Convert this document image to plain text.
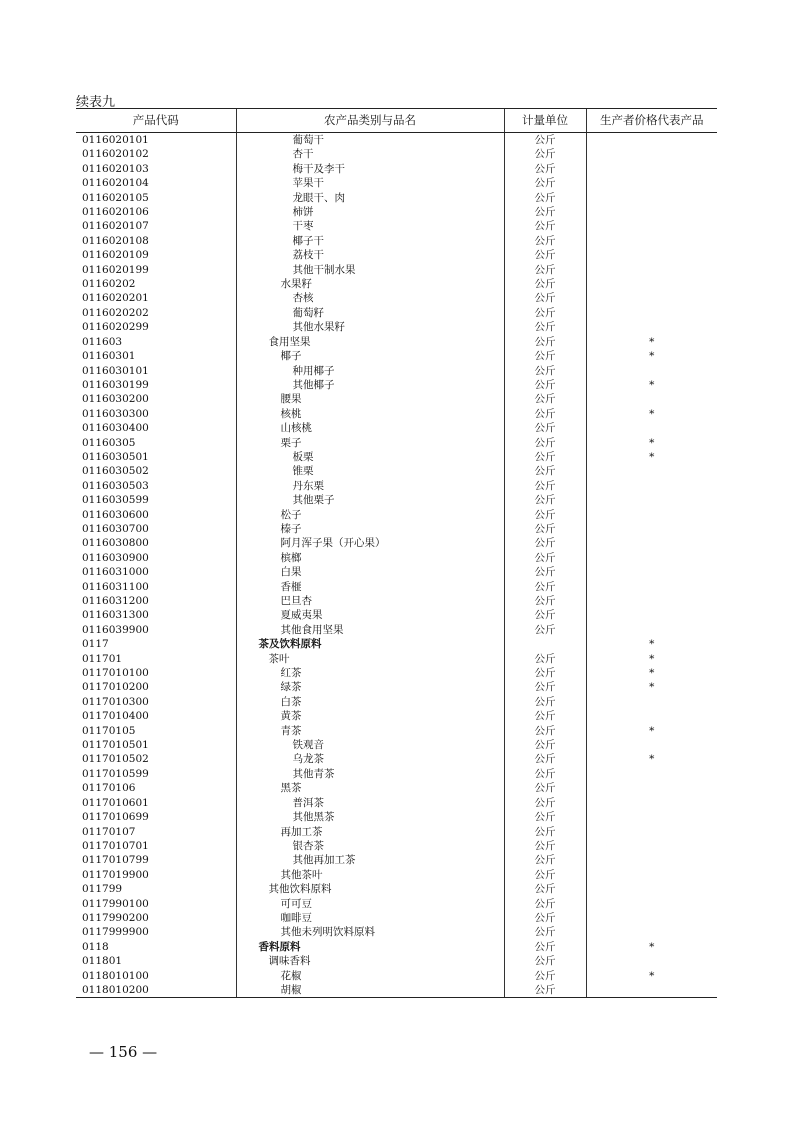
续表九
产品代码	农产品类别与品名	计量单位	生产者价格代表产品
0116020101	葡萄干	公斤	
0116020102	杏干	公斤	
0116020103	梅干及李干	公斤	
0116020104	苹果干	公斤	
0116020105	龙眼干、肉	公斤	
0116020106	柿饼	公斤	
0116020107	干枣	公斤	
0116020108	椰子干	公斤	
0116020109	荔枝干	公斤	
0116020199	其他干制水果	公斤	
01160202	水果籽	公斤	
0116020201	杏核	公斤	
0116020202	葡萄籽	公斤	
0116020299	其他水果籽	公斤	
011603	食用坚果	公斤	*
01160301	椰子	公斤	*
0116030101	种用椰子	公斤	
0116030199	其他椰子	公斤	*
0116030200	腰果	公斤	
0116030300	核桃	公斤	*
0116030400	山核桃	公斤	
01160305	栗子	公斤	*
0116030501	板栗	公斤	*
0116030502	锥栗	公斤	
0116030503	丹东栗	公斤	
0116030599	其他栗子	公斤	
0116030600	松子	公斤	
0116030700	榛子	公斤	
0116030800	阿月浑子果（开心果）	公斤	
0116030900	槟榔	公斤	
0116031000	白果	公斤	
0116031100	香榧	公斤	
0116031200	巴旦杏	公斤	
0116031300	夏威夷果	公斤	
0116039900	其他食用坚果	公斤	
0117	茶及饮料原料		*
011701	茶叶	公斤	*
0117010100	红茶	公斤	*
0117010200	绿茶	公斤	*
0117010300	白茶	公斤	
0117010400	黄茶	公斤	
01170105	青茶	公斤	*
0117010501	铁观音	公斤	
0117010502	乌龙茶	公斤	*
0117010599	其他青茶	公斤	
01170106	黑茶	公斤	
0117010601	普洱茶	公斤	
0117010699	其他黑茶	公斤	
01170107	再加工茶	公斤	
0117010701	银杏茶	公斤	
0117010799	其他再加工茶	公斤	
0117019900	其他茶叶	公斤	
011799	其他饮料原料	公斤	
0117990100	可可豆	公斤	
0117990200	咖啡豆	公斤	
0117999900	其他未列明饮料原料	公斤	
0118	香料原料	公斤	*
011801	调味香料	公斤	
0118010100	花椒	公斤	*
0118010200	胡椒	公斤	
— 156 —
